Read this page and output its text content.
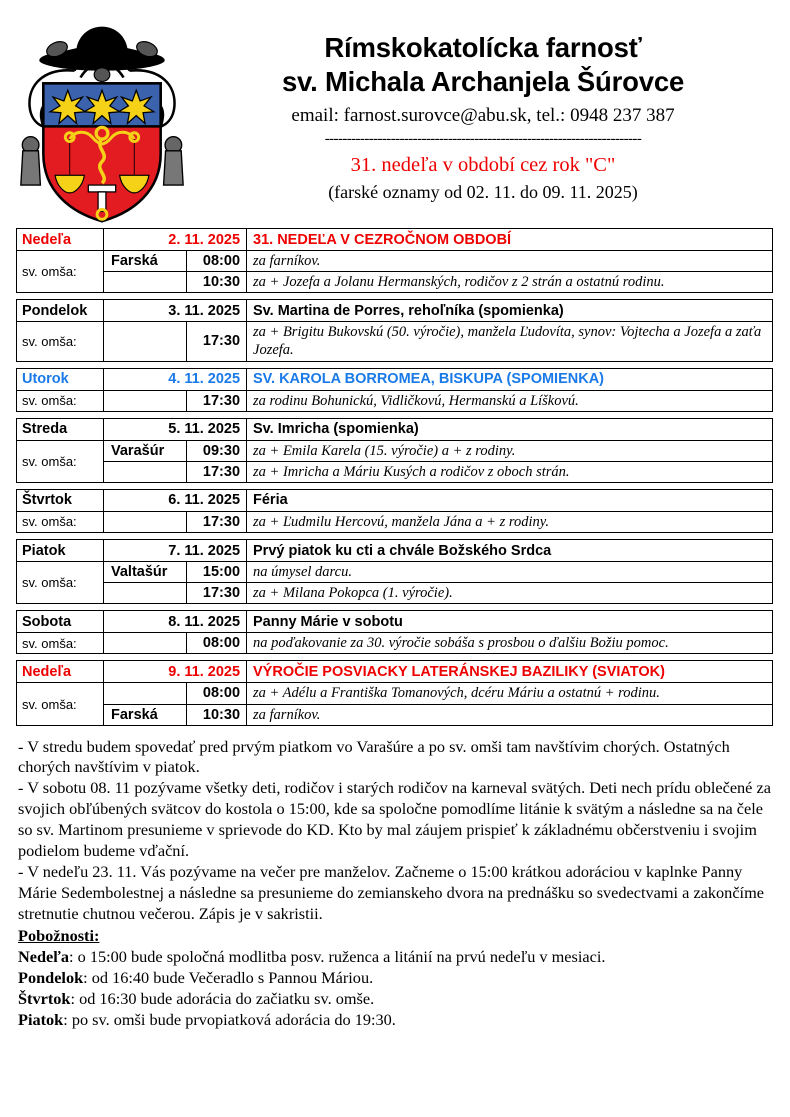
Rímskokatolícka farnosť
sv. Michala Archanjela Šúrovce
email: farnost.surovce@abu.sk, tel.: 0948 237 387
------------------------------------------------------------------------
31. nedeľa v období cez rok "C"
(farské oznamy od 02. 11. do 09. 11. 2025)
Nedeľa	2. 11. 2025		31. NEDEĽA V CEZROČNOM OBDOBÍ
sv. omša:	Farská	08:00	za farníkov.
		10:30	za + Jozefa a Jolanu Hermanských, rodičov z 2 strán a ostatnú rodinu.
Pondelok	3. 11. 2025		Sv. Martina de Porres, rehoľníka (spomienka)
sv. omša:		17:30	za + Brigitu Bukovskú (50. výročie), manžela Ľudovíta, synov: Vojtecha a Jozefa a zaťa Jozefa.
Utorok	4. 11. 2025		SV. KAROLA BORROMEA, BISKUPA (SPOMIENKA)
sv. omša:		17:30	za rodinu Bohunickú, Vidličkovú, Hermanskú a Líškovú.
Streda	5. 11. 2025		Sv. Imricha (spomienka)
sv. omša:	Varašúr	09:30	za + Emila Karela (15. výročie) a + z rodiny.
		17:30	za + Imricha a Máriu Kusých a rodičov z oboch strán.
Štvrtok	6. 11. 2025		Féria
sv. omša:		17:30	za + Ľudmilu Hercovú, manžela Jána a + z rodiny.
Piatok	7. 11. 2025		Prvý piatok ku cti a chvále Božského Srdca
sv. omša:	Valtašúr	15:00	na úmysel darcu.
		17:30	za + Milana Pokopca (1. výročie).
Sobota	8. 11. 2025		Panny Márie v sobotu
sv. omša:		08:00	na poďakovanie za 30. výročie sobáša s prosbou o ďalšiu Božiu pomoc.
Nedeľa	9. 11. 2025		VÝROČIE POSVIACKY LATERÁNSKEJ BAZILIKY (SVIATOK)
sv. omša:		08:00	za + Adélu a Františka Tomanových, dcéru Máriu a ostatnú + rodinu.
	Farská	10:30	za farníkov.

- V stredu budem spovedať pred prvým piatkom vo Varašúre a po sv. omši tam navštívim chorých. Ostatných chorých navštívim v piatok.

- V sobotu 08. 11 pozývame všetky deti, rodičov i starých rodičov na karneval svätých. Deti nech prídu oblečené za svojich obľúbených svätcov do kostola o 15:00, kde sa spoločne pomodlíme litánie k svätým a následne sa na čele so sv. Martinom presunieme v sprievode do KD. Kto by mal záujem prispieť k základnému občerstveniu i svojim podielom budeme vďační.

- V nedeľu 23. 11. Vás pozývame na večer pre manželov. Začneme o 15:00 krátkou adoráciou v kaplnke Panny Márie Sedembolestnej a následne sa presunieme do zemianskeho dvora na prednášku so svedectvami a zakončíme stretnutie chutnou večerou. Zápis je v sakristii.

Pobožnosti:

Nedeľa: o 15:00 bude spoločná modlitba posv. ruženca a litánií na prvú nedeľu v mesiaci.

Pondelok: od 16:40 bude Večeradlo s Pannou Máriou.

Štvrtok: od 16:30 bude adorácia do začiatku sv. omše.

Piatok: po sv. omši bude prvopiatková adorácia do 19:30.
